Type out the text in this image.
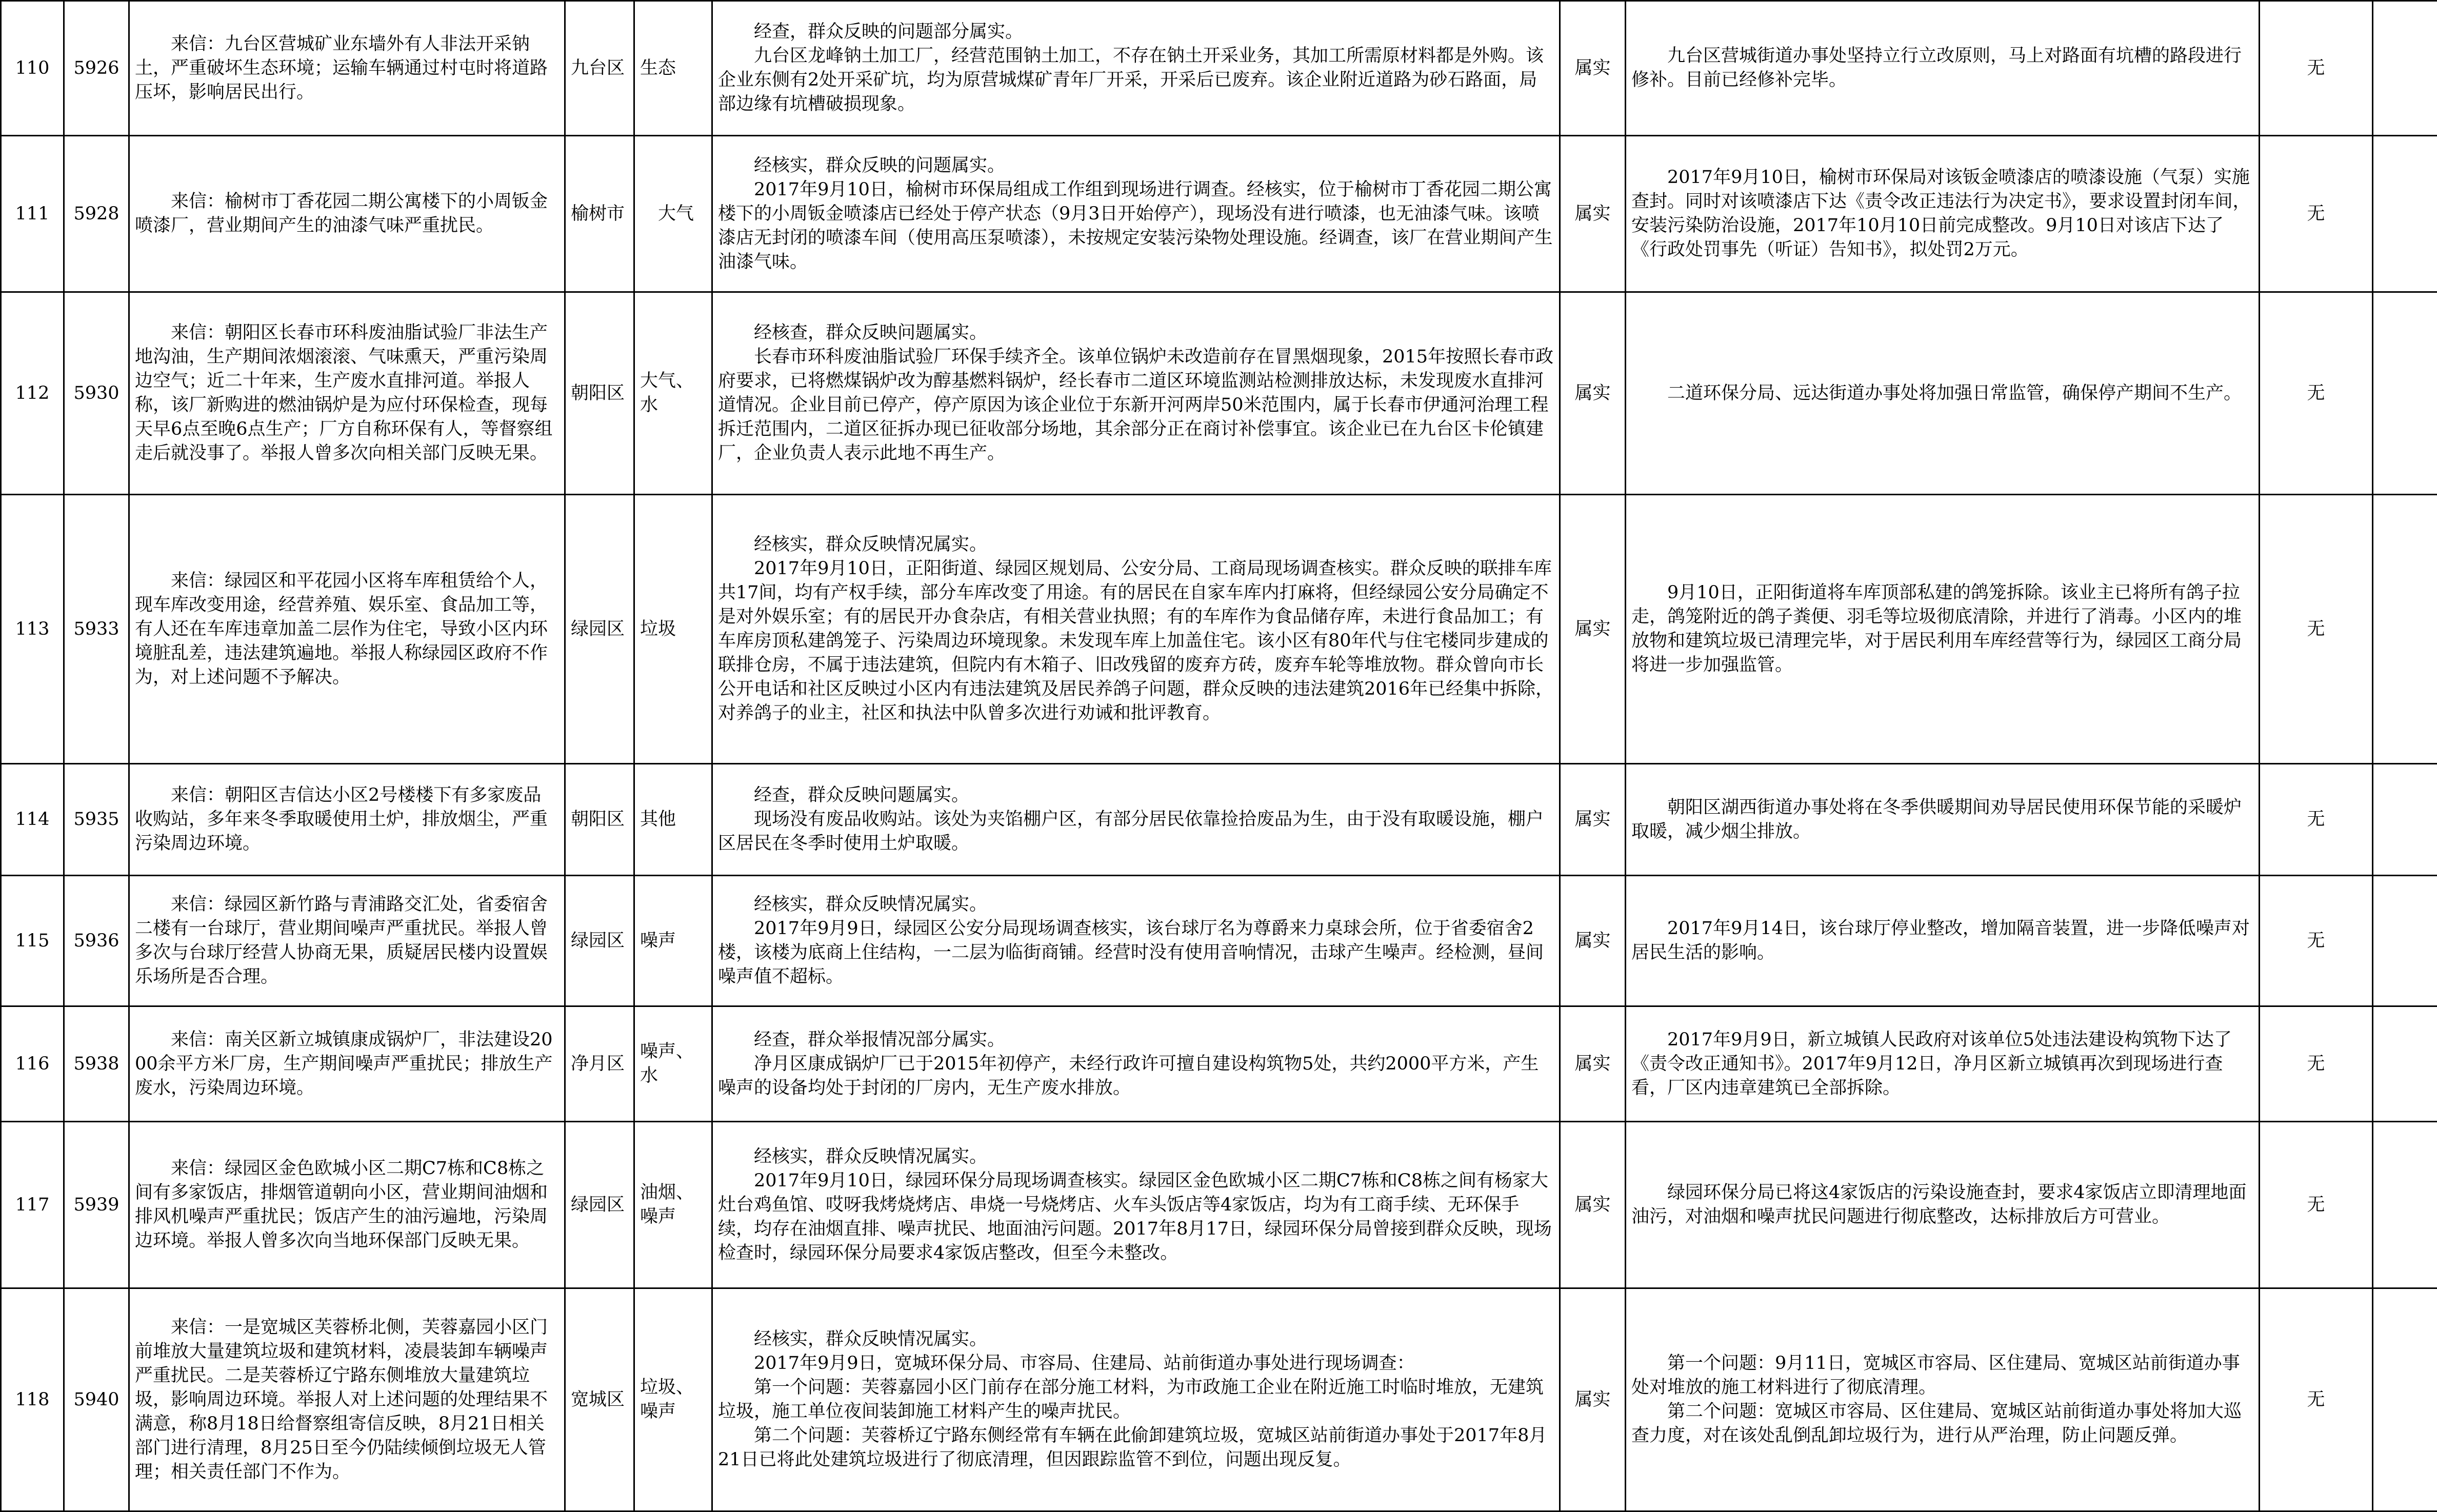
110	5926	　　来信：九台区营城矿业东墙外有人非法开采钠土，严重破坏生态环境；运输车辆通过村屯时将道路压坏，影响居民出行。	九台区	生态	　　经查，群众反映的问题部分属实。
　　九台区龙峰钠土加工厂，经营范围钠土加工，不存在钠土开采业务，其加工所需原材料都是外购。该企业东侧有2处开采矿坑，均为原营城煤矿青年厂开采，开采后已废弃。该企业附近道路为砂石路面，局部边缘有坑槽破损现象。	属实	　　九台区营城街道办事处坚持立行立改原则，马上对路面有坑槽的路段进行修补。目前已经修补完毕。	无	
111	5928	　　来信：榆树市丁香花园二期公寓楼下的小周钣金喷漆厂，营业期间产生的油漆气味严重扰民。	榆树市	　大气	　　经核实，群众反映的问题属实。
　　2017年9月10日，榆树市环保局组成工作组到现场进行调查。经核实，位于榆树市丁香花园二期公寓楼下的小周钣金喷漆店已经处于停产状态（9月3日开始停产），现场没有进行喷漆，也无油漆气味。该喷漆店无封闭的喷漆车间（使用高压泵喷漆），未按规定安装污染物处理设施。经调查，该厂在营业期间产生油漆气味。	属实	　　2017年9月10日，榆树市环保局对该钣金喷漆店的喷漆设施（气泵）实施查封。同时对该喷漆店下达《责令改正违法行为决定书》，要求设置封闭车间，安装污染防治设施，2017年10月10日前完成整改。9月10日对该店下达了《行政处罚事先（听证）告知书》，拟处罚2万元。	无	
112	5930	　　来信：朝阳区长春市环科废油脂试验厂非法生产地沟油，生产期间浓烟滚滚、气味熏天，严重污染周边空气；近二十年来，生产废水直排河道。举报人称，该厂新购进的燃油锅炉是为应付环保检查，现每天早6点至晚6点生产；厂方自称环保有人，等督察组走后就没事了。举报人曾多次向相关部门反映无果。	朝阳区	大气、水	　　经核查，群众反映问题属实。
　　长春市环科废油脂试验厂环保手续齐全。该单位锅炉未改造前存在冒黑烟现象，2015年按照长春市政府要求，已将燃煤锅炉改为醇基燃料锅炉，经长春市二道区环境监测站检测排放达标，未发现废水直排河道情况。企业目前已停产，停产原因为该企业位于东新开河两岸50米范围内，属于长春市伊通河治理工程拆迁范围内，二道区征拆办现已征收部分场地，其余部分正在商讨补偿事宜。该企业已在九台区卡伦镇建厂，企业负责人表示此地不再生产。	属实	　　二道环保分局、远达街道办事处将加强日常监管，确保停产期间不生产。	无	
113	5933	　　来信：绿园区和平花园小区将车库租赁给个人，现车库改变用途，经营养殖、娱乐室、食品加工等，有人还在车库违章加盖二层作为住宅，导致小区内环境脏乱差，违法建筑遍地。举报人称绿园区政府不作为，对上述问题不予解决。	绿园区	垃圾	　　经核实，群众反映情况属实。
　　2017年9月10日，正阳街道、绿园区规划局、公安分局、工商局现场调查核实。群众反映的联排车库共17间，均有产权手续，部分车库改变了用途。有的居民在自家车库内打麻将，但经绿园公安分局确定不是对外娱乐室；有的居民开办食杂店，有相关营业执照；有的车库作为食品储存库，未进行食品加工；有车库房顶私建鸽笼子、污染周边环境现象。未发现车库上加盖住宅。该小区有80年代与住宅楼同步建成的联排仓房，不属于违法建筑，但院内有木箱子、旧改残留的废弃方砖，废弃车轮等堆放物。群众曾向市长公开电话和社区反映过小区内有违法建筑及居民养鸽子问题，群众反映的违法建筑2016年已经集中拆除，对养鸽子的业主，社区和执法中队曾多次进行劝诫和批评教育。	属实	　　9月10日，正阳街道将车库顶部私建的鸽笼拆除。该业主已将所有鸽子拉走，鸽笼附近的鸽子粪便、羽毛等垃圾彻底清除，并进行了消毒。小区内的堆放物和建筑垃圾已清理完毕，对于居民利用车库经营等行为，绿园区工商分局将进一步加强监管。	无	
114	5935	　　来信：朝阳区吉信达小区2号楼楼下有多家废品收购站，多年来冬季取暖使用土炉，排放烟尘，严重污染周边环境。	朝阳区	其他	　　经查，群众反映问题属实。
　　现场没有废品收购站。该处为夹馅棚户区，有部分居民依靠捡拾废品为生，由于没有取暖设施，棚户区居民在冬季时使用土炉取暖。	属实	　　朝阳区湖西街道办事处将在冬季供暖期间劝导居民使用环保节能的采暖炉取暖，减少烟尘排放。	无	
115	5936	　　来信：绿园区新竹路与青浦路交汇处，省委宿舍二楼有一台球厅，营业期间噪声严重扰民。举报人曾多次与台球厅经营人协商无果，质疑居民楼内设置娱乐场所是否合理。	绿园区	噪声	　　经核实，群众反映情况属实。
　　2017年9月9日，绿园区公安分局现场调查核实，该台球厅名为尊爵来力桌球会所，位于省委宿舍2楼，该楼为底商上住结构，一二层为临街商铺。经营时没有使用音响情况，击球产生噪声。经检测，昼间噪声值不超标。	属实	　　2017年9月14日，该台球厅停业整改，增加隔音装置，进一步降低噪声对居民生活的影响。	无	
116	5938	　　来信：南关区新立城镇康成锅炉厂，非法建设2000余平方米厂房，生产期间噪声严重扰民；排放生产废水，污染周边环境。	净月区	噪声、水	　　经查，群众举报情况部分属实。
　　净月区康成锅炉厂已于2015年初停产，未经行政许可擅自建设构筑物5处，共约2000平方米，产生噪声的设备均处于封闭的厂房内，无生产废水排放。	属实	　　2017年9月9日，新立城镇人民政府对该单位5处违法建设构筑物下达了《责令改正通知书》。2017年9月12日，净月区新立城镇再次到现场进行查看，厂区内违章建筑已全部拆除。	无	
117	5939	　　来信：绿园区金色欧城小区二期C7栋和C8栋之间有多家饭店，排烟管道朝向小区，营业期间油烟和排风机噪声严重扰民；饭店产生的油污遍地，污染周边环境。举报人曾多次向当地环保部门反映无果。	绿园区	油烟、噪声	　　经核实，群众反映情况属实。
　　2017年9月10日，绿园环保分局现场调查核实。绿园区金色欧城小区二期C7栋和C8栋之间有杨家大灶台鸡鱼馆、哎呀我烤烧烤店、串烧一号烧烤店、火车头饭店等4家饭店，均为有工商手续、无环保手续，均存在油烟直排、噪声扰民、地面油污问题。2017年8月17日，绿园环保分局曾接到群众反映，现场检查时，绿园环保分局要求4家饭店整改，但至今未整改。	属实	　　绿园环保分局已将这4家饭店的污染设施查封，要求4家饭店立即清理地面油污，对油烟和噪声扰民问题进行彻底整改，达标排放后方可营业。	无	
118	5940	　　来信：一是宽城区芙蓉桥北侧，芙蓉嘉园小区门前堆放大量建筑垃圾和建筑材料，凌晨装卸车辆噪声严重扰民。二是芙蓉桥辽宁路东侧堆放大量建筑垃圾，影响周边环境。举报人对上述问题的处理结果不满意，称8月18日给督察组寄信反映，8月21日相关部门进行清理，8月25日至今仍陆续倾倒垃圾无人管理；相关责任部门不作为。	宽城区	垃圾、噪声	　　经核实，群众反映情况属实。
　　2017年9月9日，宽城环保分局、市容局、住建局、站前街道办事处进行现场调查：
　　第一个问题：芙蓉嘉园小区门前存在部分施工材料，为市政施工企业在附近施工时临时堆放，无建筑垃圾，施工单位夜间装卸施工材料产生的噪声扰民。
　　第二个问题：芙蓉桥辽宁路东侧经常有车辆在此偷卸建筑垃圾，宽城区站前街道办事处于2017年8月21日已将此处建筑垃圾进行了彻底清理，但因跟踪监管不到位，问题出现反复。	属实	　　第一个问题：9月11日，宽城区市容局、区住建局、宽城区站前街道办事处对堆放的施工材料进行了彻底清理。
　　第二个问题：宽城区市容局、区住建局、宽城区站前街道办事处将加大巡查力度，对在该处乱倒乱卸垃圾行为，进行从严治理，防止问题反弹。	无	
